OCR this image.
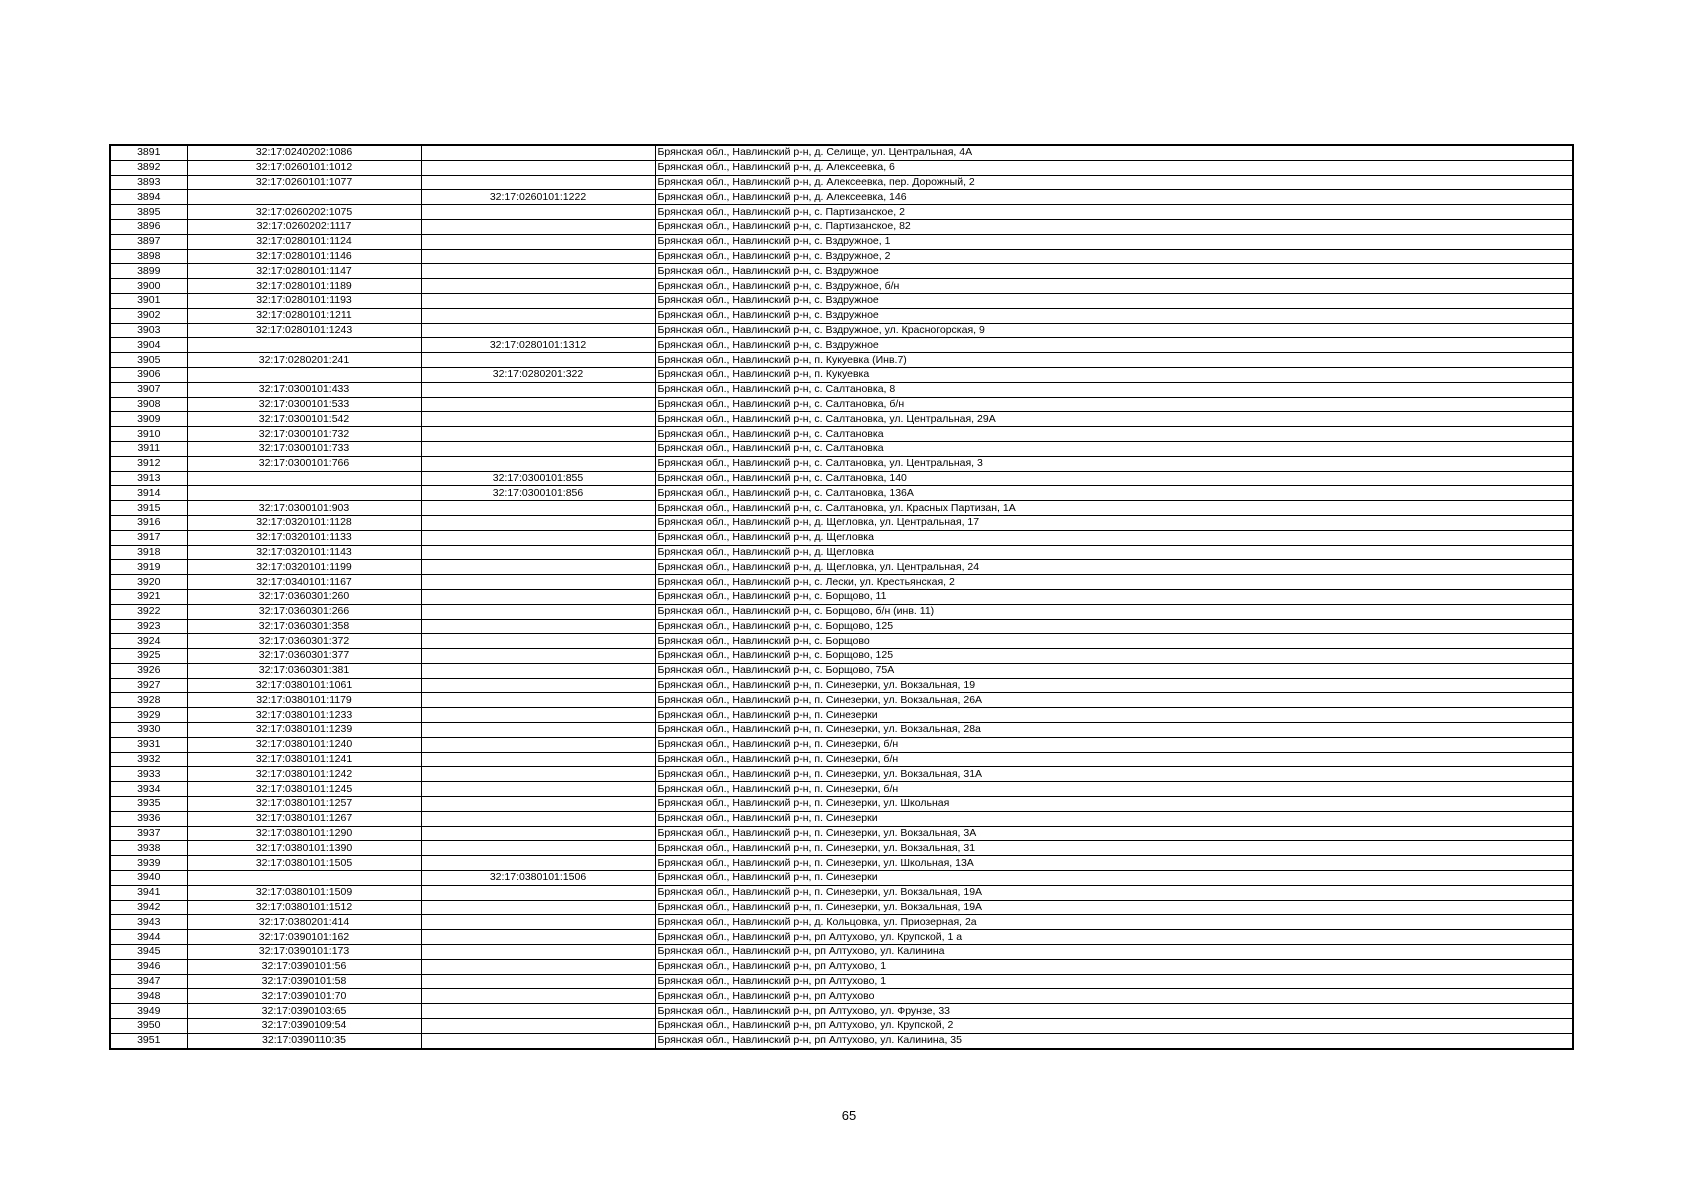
3891	32:17:0240202:1086		Брянская обл., Навлинский р-н, д. Селище, ул. Центральная, 4А
3892	32:17:0260101:1012		Брянская обл., Навлинский р-н, д. Алексеевка, 6
3893	32:17:0260101:1077		Брянская обл., Навлинский р-н, д. Алексеевка, пер. Дорожный, 2
3894		32:17:0260101:1222	Брянская обл., Навлинский р-н, д. Алексеевка, 146
3895	32:17:0260202:1075		Брянская обл., Навлинский р-н, с. Партизанское, 2
3896	32:17:0260202:1117		Брянская обл., Навлинский р-н, с. Партизанское, 82
3897	32:17:0280101:1124		Брянская обл., Навлинский р-н, с. Вздружное, 1
3898	32:17:0280101:1146		Брянская обл., Навлинский р-н, с. Вздружное, 2
3899	32:17:0280101:1147		Брянская обл., Навлинский р-н, с. Вздружное
3900	32:17:0280101:1189		Брянская обл., Навлинский р-н, с. Вздружное, б/н
3901	32:17:0280101:1193		Брянская обл., Навлинский р-н, с. Вздружное
3902	32:17:0280101:1211		Брянская обл., Навлинский р-н, с. Вздружное
3903	32:17:0280101:1243		Брянская обл., Навлинский р-н, с. Вздружное, ул. Красногорская, 9
3904		32:17:0280101:1312	Брянская обл., Навлинский р-н, с. Вздружное
3905	32:17:0280201:241		Брянская обл., Навлинский р-н, п. Кукуевка (Инв.7)
3906		32:17:0280201:322	Брянская обл., Навлинский р-н, п. Кукуевка
3907	32:17:0300101:433		Брянская обл., Навлинский р-н, с. Салтановка, 8
3908	32:17:0300101:533		Брянская обл., Навлинский р-н, с. Салтановка, б/н
3909	32:17:0300101:542		Брянская обл., Навлинский р-н, с. Салтановка, ул. Центральная, 29А
3910	32:17:0300101:732		Брянская обл., Навлинский р-н, с. Салтановка
3911	32:17:0300101:733		Брянская обл., Навлинский р-н, с. Салтановка
3912	32:17:0300101:766		Брянская обл., Навлинский р-н, с. Салтановка, ул. Центральная, 3
3913		32:17:0300101:855	Брянская обл., Навлинский р-н, с. Салтановка, 140
3914		32:17:0300101:856	Брянская обл., Навлинский р-н, с. Салтановка, 136А
3915	32:17:0300101:903		Брянская обл., Навлинский р-н, с. Салтановка, ул. Красных Партизан, 1А
3916	32:17:0320101:1128		Брянская обл., Навлинский р-н, д. Щегловка, ул. Центральная, 17
3917	32:17:0320101:1133		Брянская обл., Навлинский р-н, д. Щегловка
3918	32:17:0320101:1143		Брянская обл., Навлинский р-н, д. Щегловка
3919	32:17:0320101:1199		Брянская обл., Навлинский р-н, д. Щегловка, ул. Центральная, 24
3920	32:17:0340101:1167		Брянская обл., Навлинский р-н, с. Лески, ул. Крестьянская, 2
3921	32:17:0360301:260		Брянская обл., Навлинский р-н, с. Борщово, 11
3922	32:17:0360301:266		Брянская обл., Навлинский р-н, с. Борщово, б/н (инв. 11)
3923	32:17:0360301:358		Брянская обл., Навлинский р-н, с. Борщово, 125
3924	32:17:0360301:372		Брянская обл., Навлинский р-н, с. Борщово
3925	32:17:0360301:377		Брянская обл., Навлинский р-н, с. Борщово, 125
3926	32:17:0360301:381		Брянская обл., Навлинский р-н, с. Борщово, 75А
3927	32:17:0380101:1061		Брянская обл., Навлинский р-н, п. Синезерки, ул. Вокзальная, 19
3928	32:17:0380101:1179		Брянская обл., Навлинский р-н, п. Синезерки, ул. Вокзальная, 26А
3929	32:17:0380101:1233		Брянская обл., Навлинский р-н, п. Синезерки
3930	32:17:0380101:1239		Брянская обл., Навлинский р-н, п. Синезерки, ул. Вокзальная, 28а
3931	32:17:0380101:1240		Брянская обл., Навлинский р-н, п. Синезерки, б/н
3932	32:17:0380101:1241		Брянская обл., Навлинский р-н, п. Синезерки, б/н
3933	32:17:0380101:1242		Брянская обл., Навлинский р-н, п. Синезерки, ул. Вокзальная, 31А
3934	32:17:0380101:1245		Брянская обл., Навлинский р-н, п. Синезерки, б/н
3935	32:17:0380101:1257		Брянская обл., Навлинский р-н, п. Синезерки, ул. Школьная
3936	32:17:0380101:1267		Брянская обл., Навлинский р-н, п. Синезерки
3937	32:17:0380101:1290		Брянская обл., Навлинский р-н, п. Синезерки, ул. Вокзальная, 3А
3938	32:17:0380101:1390		Брянская обл., Навлинский р-н, п. Синезерки, ул. Вокзальная, 31
3939	32:17:0380101:1505		Брянская обл., Навлинский р-н, п. Синезерки, ул. Школьная, 13А
3940		32:17:0380101:1506	Брянская обл., Навлинский р-н, п. Синезерки
3941	32:17:0380101:1509		Брянская обл., Навлинский р-н, п. Синезерки, ул. Вокзальная, 19А
3942	32:17:0380101:1512		Брянская обл., Навлинский р-н, п. Синезерки, ул. Вокзальная, 19А
3943	32:17:0380201:414		Брянская обл., Навлинский р-н, д. Кольцовка, ул. Приозерная, 2а
3944	32:17:0390101:162		Брянская обл., Навлинский р-н, рп Алтухово, ул. Крупской, 1 а
3945	32:17:0390101:173		Брянская обл., Навлинский р-н, рп Алтухово, ул. Калинина
3946	32:17:0390101:56		Брянская обл., Навлинский р-н, рп Алтухово, 1
3947	32:17:0390101:58		Брянская обл., Навлинский р-н, рп Алтухово, 1
3948	32:17:0390101:70		Брянская обл., Навлинский р-н, рп Алтухово
3949	32:17:0390103:65		Брянская обл., Навлинский р-н, рп Алтухово, ул. Фрунзе, 33
3950	32:17:0390109:54		Брянская обл., Навлинский р-н, рп Алтухово, ул. Крупской, 2
3951	32:17:0390110:35		Брянская обл., Навлинский р-н, рп Алтухово, ул. Калинина, 35
65
